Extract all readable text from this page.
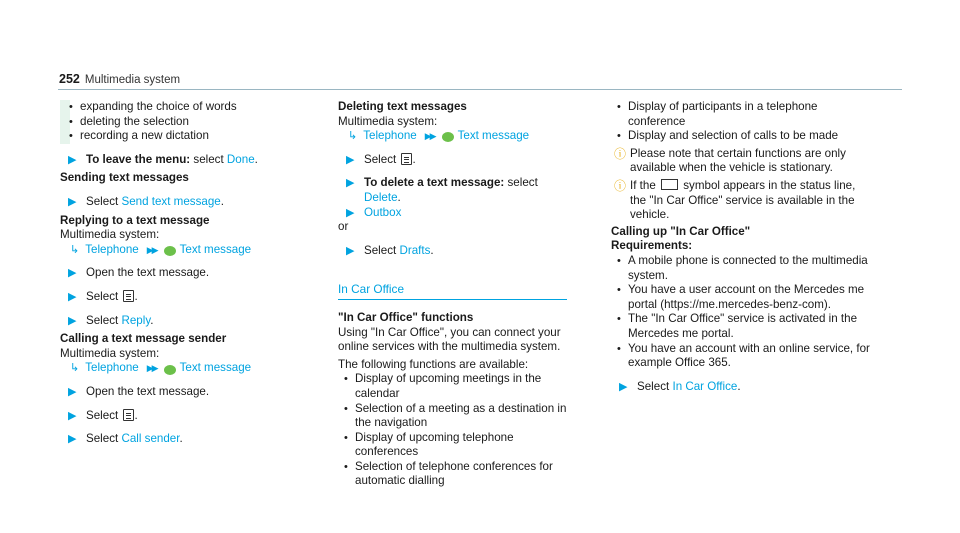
252 Multimedia system
• expanding the choice of words
• deleting the selection
• recording a new dictation
▶ To leave the menu: select Done.
Sending text messages
▶ Select Send text message.
Replying to a text message
Multimedia system:
↳ Telephone ▶▶ Text message
▶ Open the text message.
▶ Select .
▶ Select Reply.
Calling a text message sender
Multimedia system:
↳ Telephone ▶▶ Text message
▶ Open the text message.
▶ Select .
▶ Select Call sender.
Deleting text messages
Multimedia system:
↳ Telephone ▶▶ Text message
▶ Select .
▶ To delete a text message: select Delete.
▶ Outbox
or
▶ Select Drafts.
In Car Office
"In Car Office" functions
Using "In Car Office", you can connect your online services with the multimedia system.
The following functions are available:
• Display of upcoming meetings in the calendar
• Selection of a meeting as a destination in the navigation
• Display of upcoming telephone conferences
• Selection of telephone conferences for automatic dialling
• Display of participants in a telephone conference
• Display and selection of calls to be made
ⓘ Please note that certain functions are only available when the vehicle is stationary.
ⓘ If the symbol appears in the status line, the "In Car Office" service is available in the vehicle.
Calling up "In Car Office"
Requirements:
• A mobile phone is connected to the multimedia system.
• You have a user account on the Mercedes me portal (https://me.mercedes-benz-com).
• The "In Car Office" service is activated in the Mercedes me portal.
• You have an account with an online service, for example Office 365.
▶ Select In Car Office.
